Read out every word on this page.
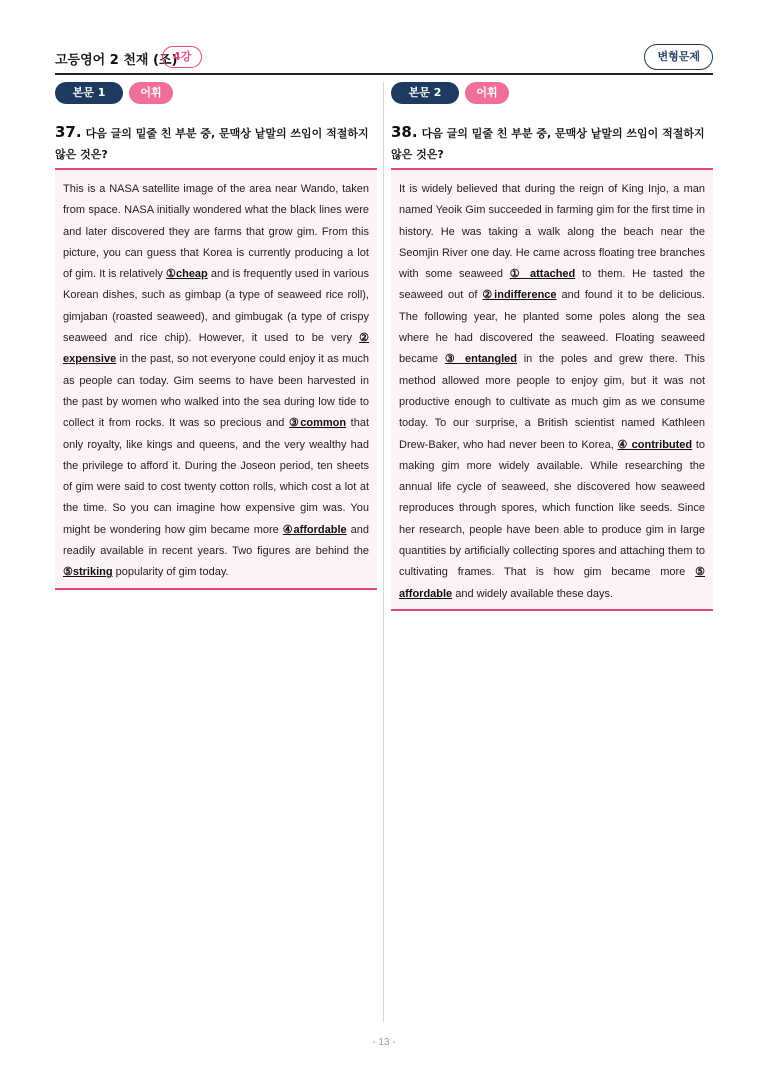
고등영어 2 천재 (조)
4강	변형문제
본문 1	어휘
37. 다음 글의 밑줄 친 부분 중, 문맥상 낱말의 쓰임이 적절하지 않은 것은?

This is a NASA satellite image of the area near Wando, taken from space. NASA initially wondered what the black lines were and later discovered they are farms that grow gim. From this picture, you can guess that Korea is currently producing a lot of gim. It is relatively ①cheap and is frequently used in various Korean dishes, such as gimbap (a type of seaweed rice roll), gimjaban (roasted seaweed), and gimbugak (a type of crispy seaweed and rice chip). However, it used to be very ② expensive in the past, so not everyone could enjoy it as much as people can today. Gim seems to have been harvested in the past by women who walked into the sea during low tide to collect it from rocks. It was so precious and ③common that only royalty, like kings and queens, and the very wealthy had the privilege to afford it. During the Joseon period, ten sheets of gim were said to cost twenty cotton rolls, which cost a lot at the time. So you can imagine how expensive gim was. You might be wondering how gim became more ④affordable and readily available in recent years. Two figures are behind the ⑤striking popularity of gim today.

본문 2	어휘
38. 다음 글의 밑줄 친 부분 중, 문맥상 낱말의 쓰임이 적절하지 않은 것은?

It is widely believed that during the reign of King Injo, a man named Yeoik Gim succeeded in farming gim for the first time in history. He was taking a walk along the beach near the Seomjin River one day. He came across floating tree branches with some seaweed ① attached to them. He tasted the seaweed out of ②indifference and found it to be delicious. The following year, he planted some poles along the sea where he had discovered the seaweed. Floating seaweed became ③ entangled in the poles and grew there. This method allowed more people to enjoy gim, but it was not productive enough to cultivate as much gim as we consume today. To our surprise, a British scientist named Kathleen Drew-Baker, who had never been to Korea, ④ contributed to making gim more widely available. While researching the annual life cycle of seaweed, she discovered how seaweed reproduces through spores, which function like seeds. Since her research, people have been able to produce gim in large quantities by artificially collecting spores and attaching them to cultivating frames. That is how gim became more ⑤ affordable and widely available these days.

- 13 -
